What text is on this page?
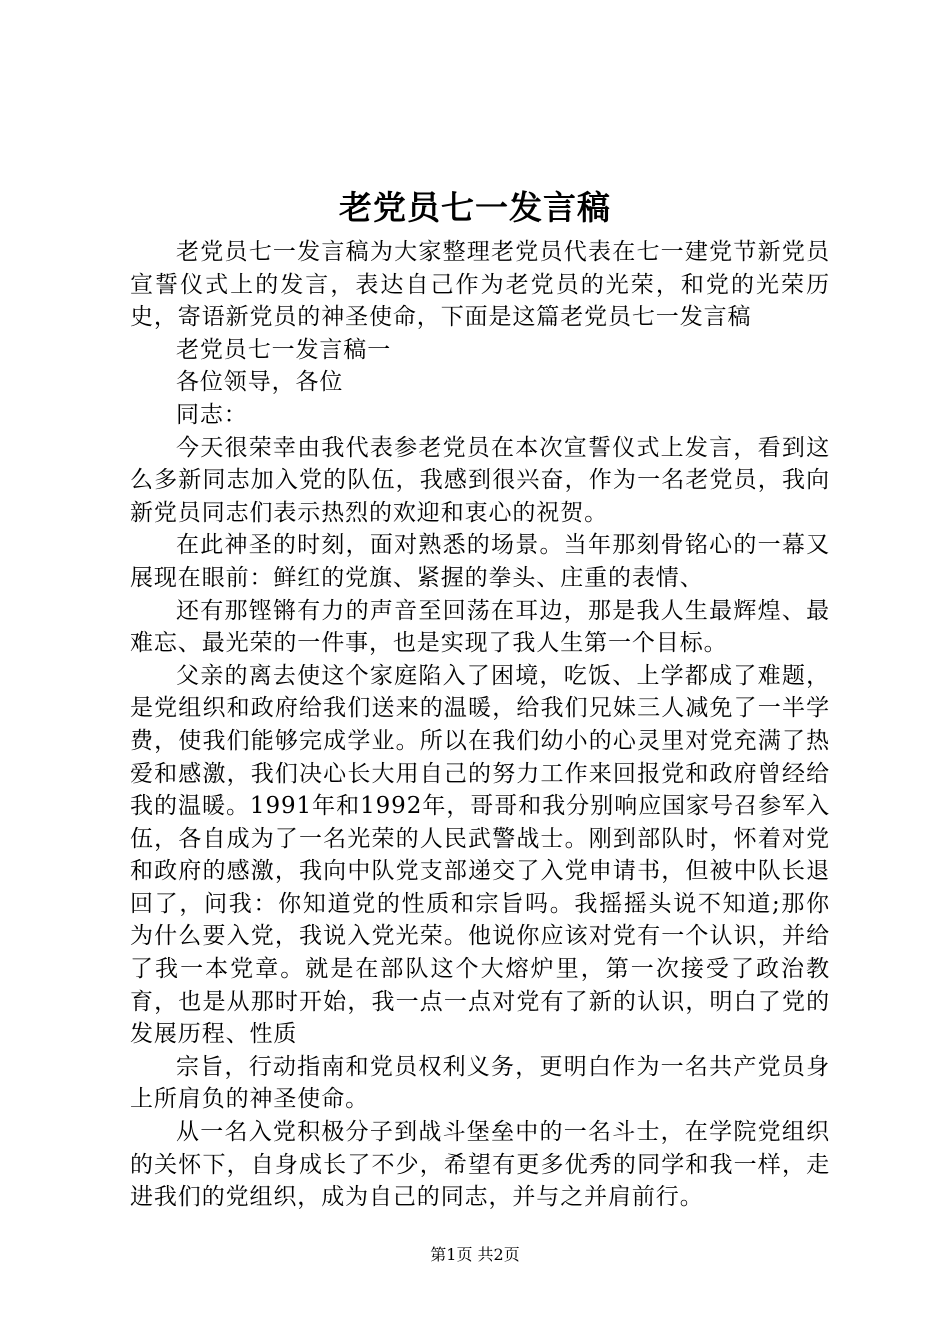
老党员七一发言稿

老党员七一发言稿为大家整理老党员代表在七一建党节新党员宣誓仪式上的发言，表达自己作为老党员的光荣，和党的光荣历史，寄语新党员的神圣使命，下面是这篇老党员七一发言稿

老党员七一发言稿一

各位领导，各位

同志：

今天很荣幸由我代表参老党员在本次宣誓仪式上发言，看到这么多新同志加入党的队伍，我感到很兴奋，作为一名老党员，我向新党员同志们表示热烈的欢迎和衷心的祝贺。

在此神圣的时刻，面对熟悉的场景。当年那刻骨铭心的一幕又展现在眼前：鲜红的党旗、紧握的拳头、庄重的表情、

还有那铿锵有力的声音至回荡在耳边，那是我人生最辉煌、最难忘、最光荣的一件事，也是实现了我人生第一个目标。

父亲的离去使这个家庭陷入了困境，吃饭、上学都成了难题，是党组织和政府给我们送来的温暖，给我们兄妹三人减免了一半学费，使我们能够完成学业。所以在我们幼小的心灵里对党充满了热爱和感激，我们决心长大用自己的努力工作来回报党和政府曾经给我的温暖。1991年和1992年，哥哥和我分别响应国家号召参军入伍，各自成为了一名光荣的人民武警战士。刚到部队时，怀着对党和政府的感激，我向中队党支部递交了入党申请书，但被中队长退回了，问我：你知道党的性质和宗旨吗。我摇摇头说不知道;那你为什么要入党，我说入党光荣。他说你应该对党有一个认识，并给了我一本党章。就是在部队这个大熔炉里，第一次接受了政治教育，也是从那时开始，我一点一点对党有了新的认识，明白了党的发展历程、性质

宗旨，行动指南和党员权利义务，更明白作为一名共产党员身上所肩负的神圣使命。

从一名入党积极分子到战斗堡垒中的一名斗士，在学院党组织的关怀下，自身成长了不少，希望有更多优秀的同学和我一样，走进我们的党组织，成为自己的同志，并与之并肩前行。

第1页 共2页
